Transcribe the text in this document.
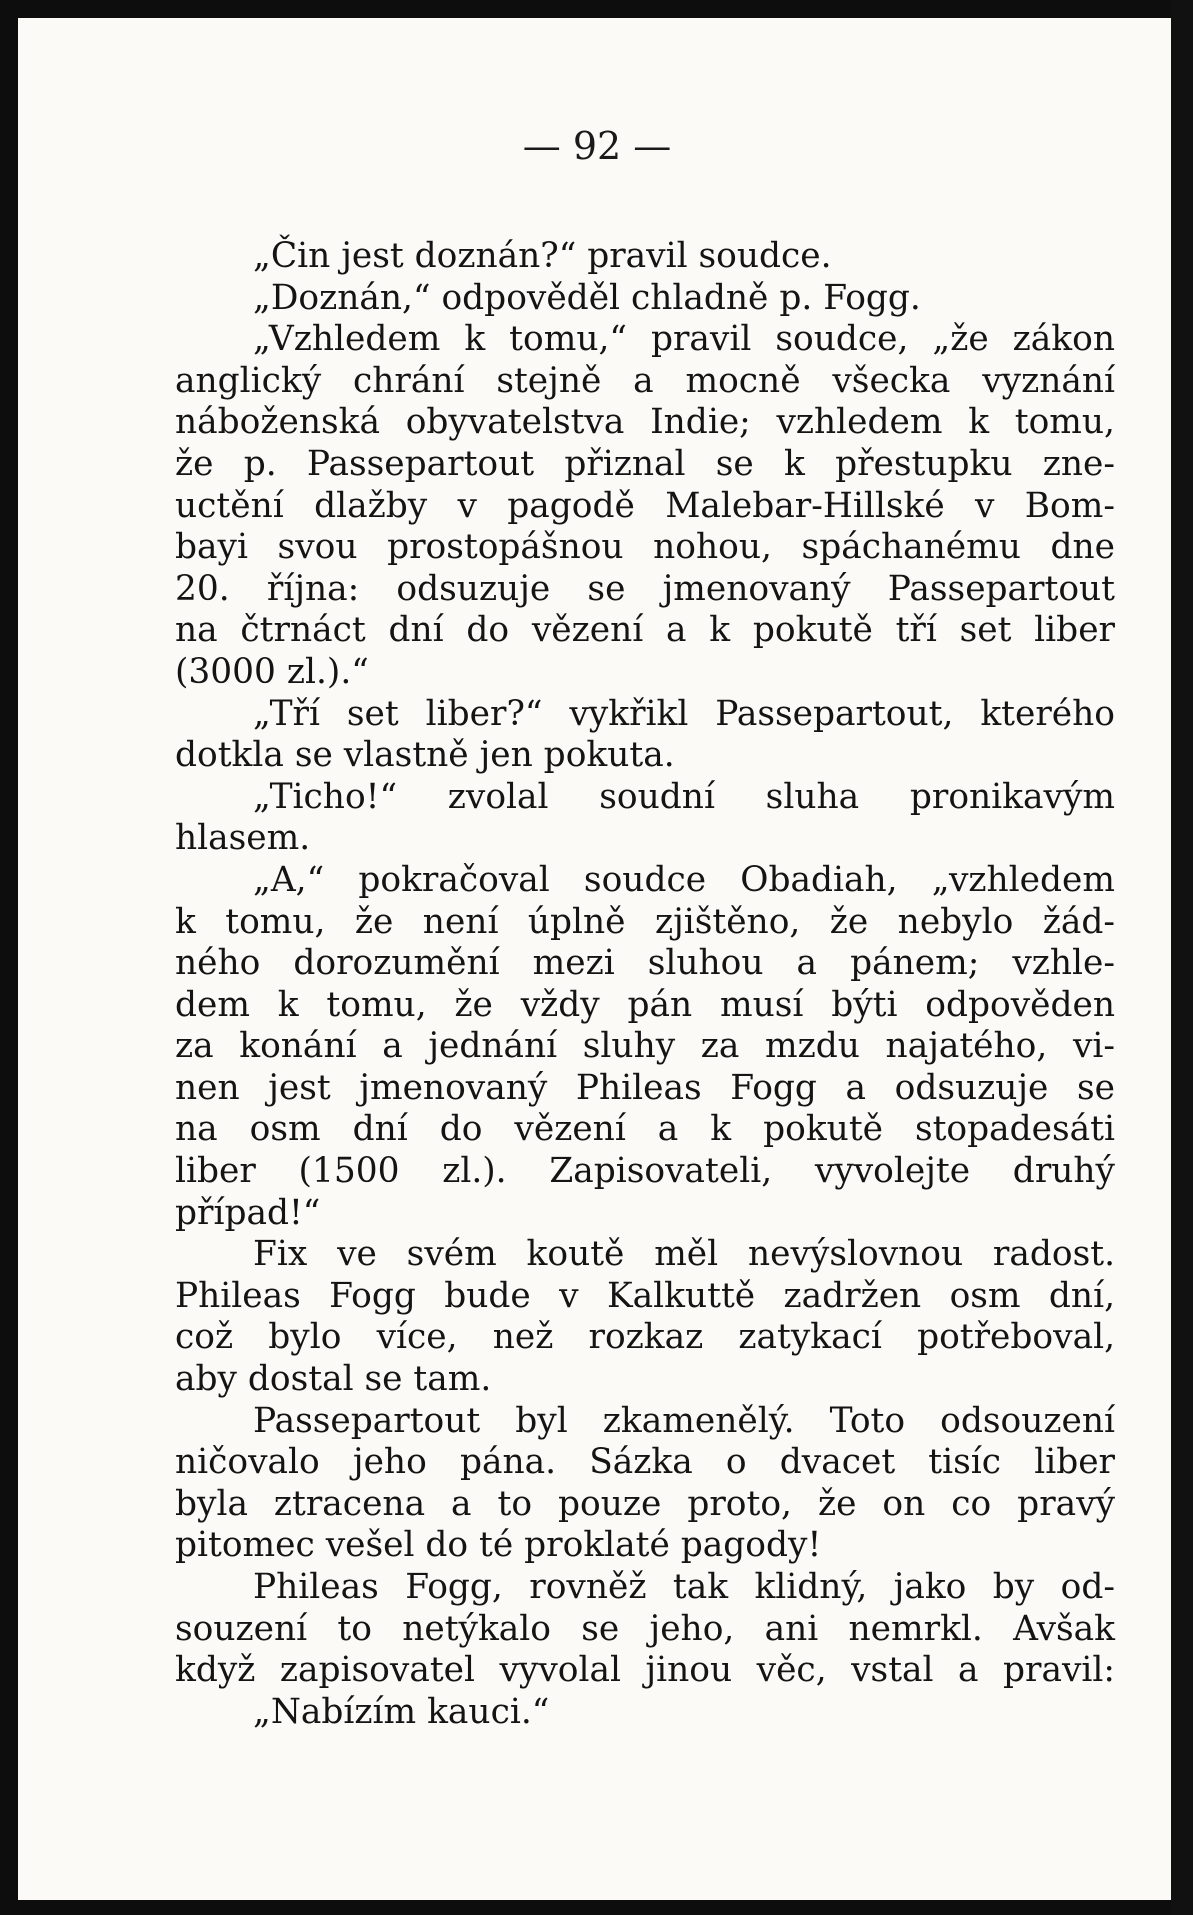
— 92 —
„Čin jest doznán?“ pravil soudce.
„Doznán,“ odpověděl chladně p. Fogg.
„Vzhledem k tomu,“ pravil soudce, „že zákon
anglický chrání stejně a mocně všecka vyznání
náboženská obyvatelstva Indie; vzhledem k tomu,
že p. Passepartout přiznal se k přestupku zne-
uctění dlažby v pagodě Malebar-Hillské v Bom-
bayi svou prostopášnou nohou, spáchanému dne
20. října: odsuzuje se jmenovaný Passepartout
na čtrnáct dní do vězení a k pokutě tří set liber
(3000 zl.).“
„Tří set liber?“ vykřikl Passepartout, kterého
dotkla se vlastně jen pokuta.
„Ticho!“ zvolal soudní sluha pronikavým
hlasem.
„A,“ pokračoval soudce Obadiah, „vzhledem
k tomu, že není úplně zjištěno, že nebylo žád-
ného dorozumění mezi sluhou a pánem; vzhle-
dem k tomu, že vždy pán musí býti odpověden
za konání a jednání sluhy za mzdu najatého, vi-
nen jest jmenovaný Phileas Fogg a odsuzuje se
na osm dní do vězení a k pokutě stopadesáti
liber (1500 zl.). Zapisovateli, vyvolejte druhý
případ!“
Fix ve svém koutě měl nevýslovnou radost.
Phileas Fogg bude v Kalkuttě zadržen osm dní,
což bylo více, než rozkaz zatykací potřeboval,
aby dostal se tam.
Passepartout byl zkamenělý. Toto odsouzení
ničovalo jeho pána. Sázka o dvacet tisíc liber
byla ztracena a to pouze proto, že on co pravý
pitomec vešel do té proklaté pagody!
Phileas Fogg, rovněž tak klidný, jako by od-
souzení to netýkalo se jeho, ani nemrkl. Avšak
když zapisovatel vyvolal jinou věc, vstal a pravil:
„Nabízím kauci.“
